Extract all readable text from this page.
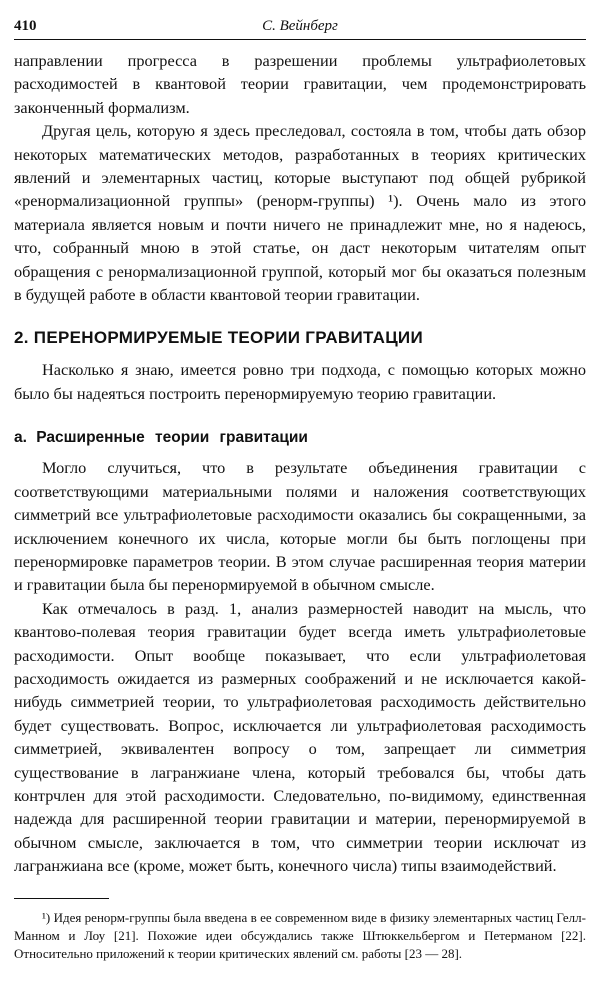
410	С. Вейнберг

направлении прогресса в разрешении проблемы ультрафиолетовых расходимостей в квантовой теории гравитации, чем продемонстрировать законченный формализм.

Другая цель, которую я здесь преследовал, состояла в том, чтобы дать обзор некоторых математических методов, разработанных в теориях критических явлений и элементарных частиц, которые выступают под общей рубрикой «ренормализационной группы» (ренорм-группы) ¹). Очень мало из этого материала является новым и почти ничего не принадлежит мне, но я надеюсь, что, собранный мною в этой статье, он даст некоторым читателям опыт обращения с ренормализационной группой, который мог бы оказаться полезным в будущей работе в области квантовой теории гравитации.

2. ПЕРЕНОРМИРУЕМЫЕ ТЕОРИИ ГРАВИТАЦИИ

Насколько я знаю, имеется ровно три подхода, с помощью которых можно было бы надеяться построить перенормируемую теорию гравитации.

а. Расширенные теории гравитации

Могло случиться, что в результате объединения гравитации с соответствующими материальными полями и наложения соответствующих симметрий все ультрафиолетовые расходимости оказались бы сокращенными, за исключением конечного их числа, которые могли бы быть поглощены при перенормировке параметров теории. В этом случае расширенная теория материи и гравитации была бы перенормируемой в обычном смысле.

Как отмечалось в разд. 1, анализ размерностей наводит на мысль, что квантово-полевая теория гравитации будет всегда иметь ультрафиолетовые расходимости. Опыт вообще показывает, что если ультрафиолетовая расходимость ожидается из размерных соображений и не исключается какой-нибудь симметрией теории, то ультрафиолетовая расходимость действительно будет существовать. Вопрос, исключается ли ультрафиолетовая расходимость симметрией, эквивалентен вопросу о том, запрещает ли симметрия существование в лагранжиане члена, который требовался бы, чтобы дать контрчлен для этой расходимости. Следовательно, по-видимому, единственная надежда для расширенной теории гравитации и материи, перенормируемой в обычном смысле, заключается в том, что симметрии теории исключат из лагранжиана все (кроме, может быть, конечного числа) типы взаимодействий.

¹) Идея ренорм-группы была введена в ее современном виде в физику элементарных частиц Гелл-Манном и Лоу [21]. Похожие идеи обсуждались также Штюккельбергом и Петерманом [22]. Относительно приложений к теории критических явлений см. работы [23 — 28].
